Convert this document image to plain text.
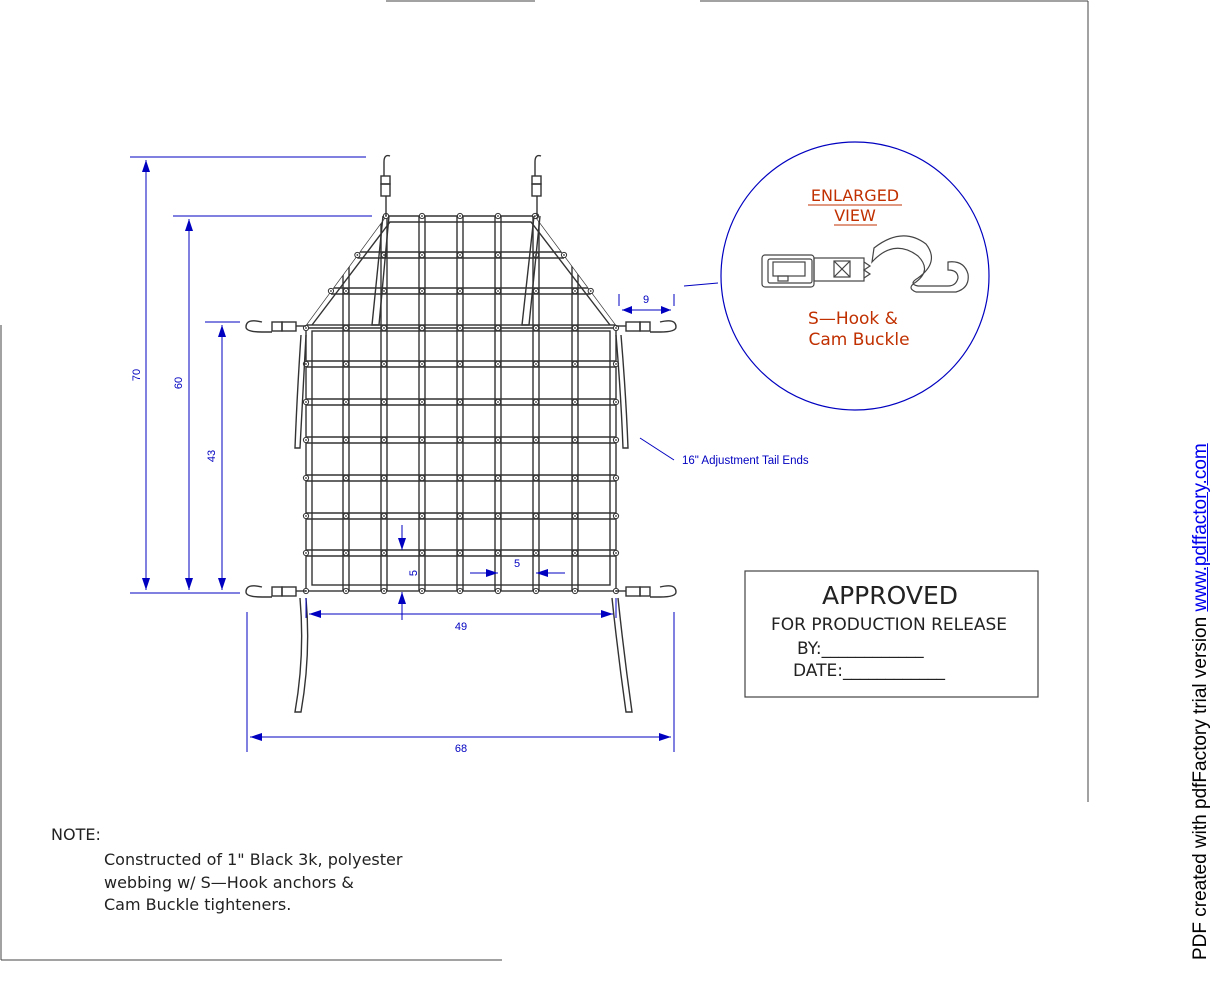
70
60
43
9
5
5
49
68
16" Adjustment Tail Ends
ENLARGED
VIEW
S—Hook &
Cam Buckle
APPROVED
FOR PRODUCTION RELEASE
BY:____________
DATE:____________
NOTE:
Constructed of 1" Black 3k, polyester
webbing w/ S—Hook anchors &
Cam Buckle tighteners.	PDF created with pdfFactory trial version www.pdffactory.com
